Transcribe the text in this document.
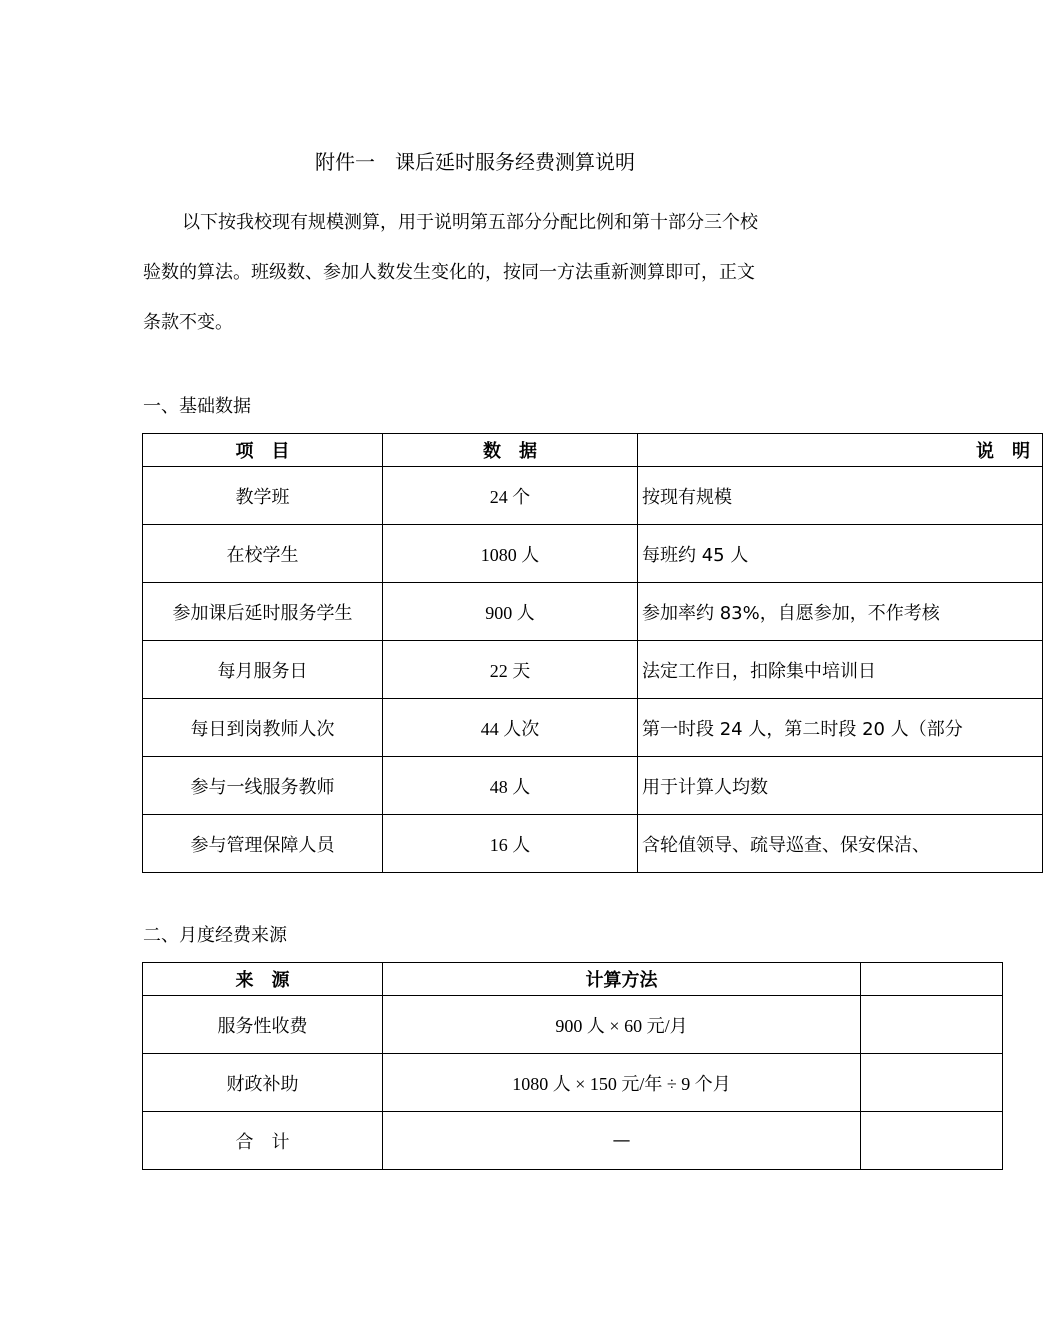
附件一　课后延时服务经费测算说明
以下按我校现有规模测算，用于说明第五部分分配比例和第十部分三个校
验数的算法。班级数、参加人数发生变化的，按同一方法重新测算即可，正文
条款不变。
一、基础数据
项　目	数　据	说　明
教学班	24 个	按现有规模
在校学生	1080 人	每班约 45 人
参加课后延时服务学生	900 人	参加率约 83%，自愿参加，不作考核
每月服务日	22 天	法定工作日，扣除集中培训日
每日到岗教师人次	44 人次	第一时段 24 人，第二时段 20 人（部分
参与一线服务教师	48 人	用于计算人均数
参与管理保障人员	16 人	含轮值领导、疏导巡查、保安保洁、
二、月度经费来源
来　源	计算方法	
服务性收费	900 人 × 60 元/月	
财政补助	1080 人 × 150 元/年 ÷ 9 个月	
合　计	—	
